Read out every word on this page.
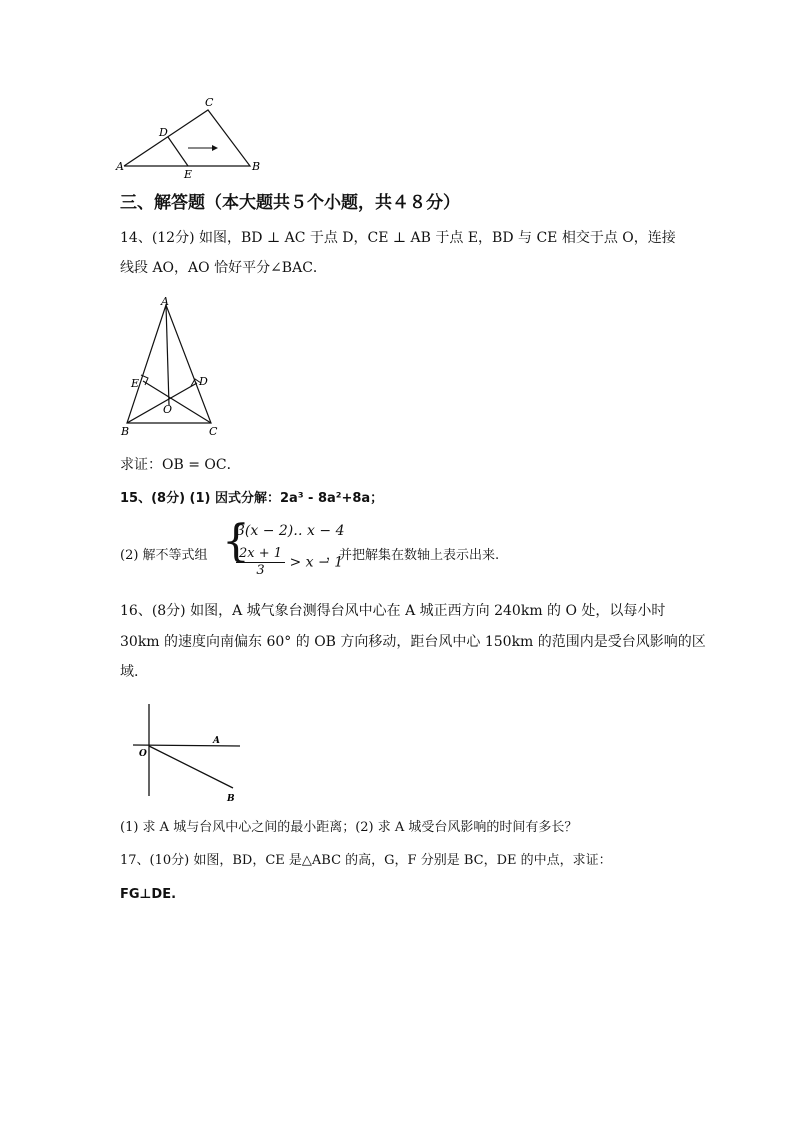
C
D
A
E
B
三、解答题（本大题共５个小题，共４８分）
14、(12分) 如图，BD ⊥ AC 于点 D，CE ⊥ AB 于点 E，BD 与 CE 相交于点 O，连接
线段 AO，AO 恰好平分∠BAC．
A
E	D
O
B	C
求证：OB = OC．
15、(8分) (1) 因式分解：2a³ - 8a²+8a；
(2) 解不等式组 {
3(x − 2)‥ x − 4
$\frac{2x + 1}{3} > x - 1$
，并把解集在数轴上表示出来.
16、(8分) 如图，A 城气象台测得台风中心在 A 城正西方向 240km 的 O 处，以每小时
30km 的速度向南偏东 60° 的 OB 方向移动，距台风中心 150km 的范围内是受台风影响的区
域.
O
A
B
(1) 求 A 城与台风中心之间的最小距离；(2) 求 A 城受台风影响的时间有多长？
17、(10分) 如图，BD，CE 是△ABC 的高，G，F 分别是 BC，DE 的中点，求证：
FG⊥DE.
